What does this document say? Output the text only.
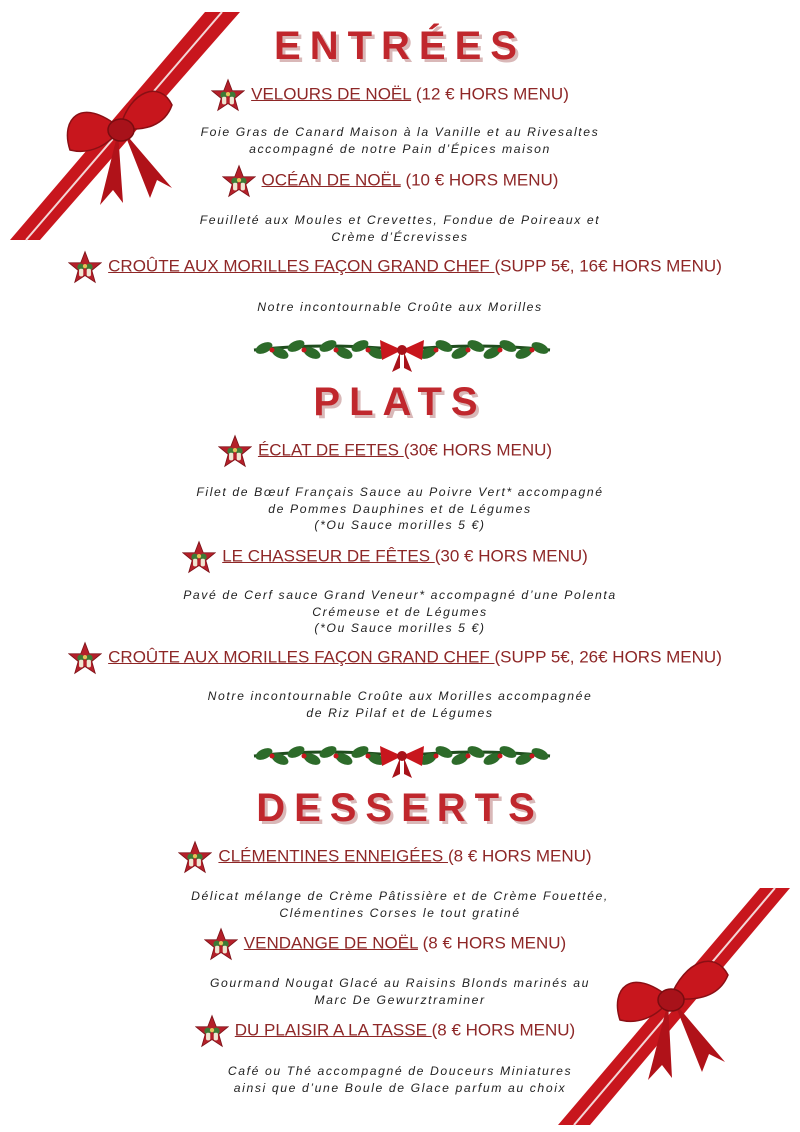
ENTRÉES
VELOURS DE NOËL (12 € HORS MENU)
Foie Gras de Canard Maison à la Vanille et au Rivesaltes
accompagné de notre Pain d’Épices maison
OCÉAN DE NOËL (10 € HORS MENU)
Feuilleté aux Moules et Crevettes, Fondue de Poireaux et
Crème d’Écrevisses
CROÛTE AUX MORILLES FAÇON GRAND CHEF (SUPP 5€, 16€ HORS MENU)
Notre incontournable Croûte aux Morilles
PLATS
ÉCLAT DE FETES (30€ HORS MENU)
Filet de Bœuf Français Sauce au Poivre Vert* accompagné
de Pommes Dauphines et de Légumes
(*Ou Sauce morilles 5 €)
LE CHASSEUR DE FÊTES (30 € HORS MENU)
Pavé de Cerf sauce Grand Veneur* accompagné d’une Polenta
Crémeuse et de Légumes
(*Ou Sauce morilles 5 €)
CROÛTE AUX MORILLES FAÇON GRAND CHEF (SUPP 5€, 26€ HORS MENU)
Notre incontournable Croûte aux Morilles accompagnée
de Riz Pilaf et de Légumes
DESSERTS
CLÉMENTINES ENNEIGÉES (8 € HORS MENU)
Délicat mélange de Crème Pâtissière et de Crème Fouettée,
Clémentines Corses le tout gratiné
VENDANGE DE NOËL (8 € HORS MENU)
Gourmand Nougat Glacé au Raisins Blonds marinés au
Marc De Gewurztraminer
DU PLAISIR A LA TASSE (8 € HORS MENU)
Café ou Thé accompagné de Douceurs Miniatures
ainsi que d’une Boule de Glace parfum au choix
